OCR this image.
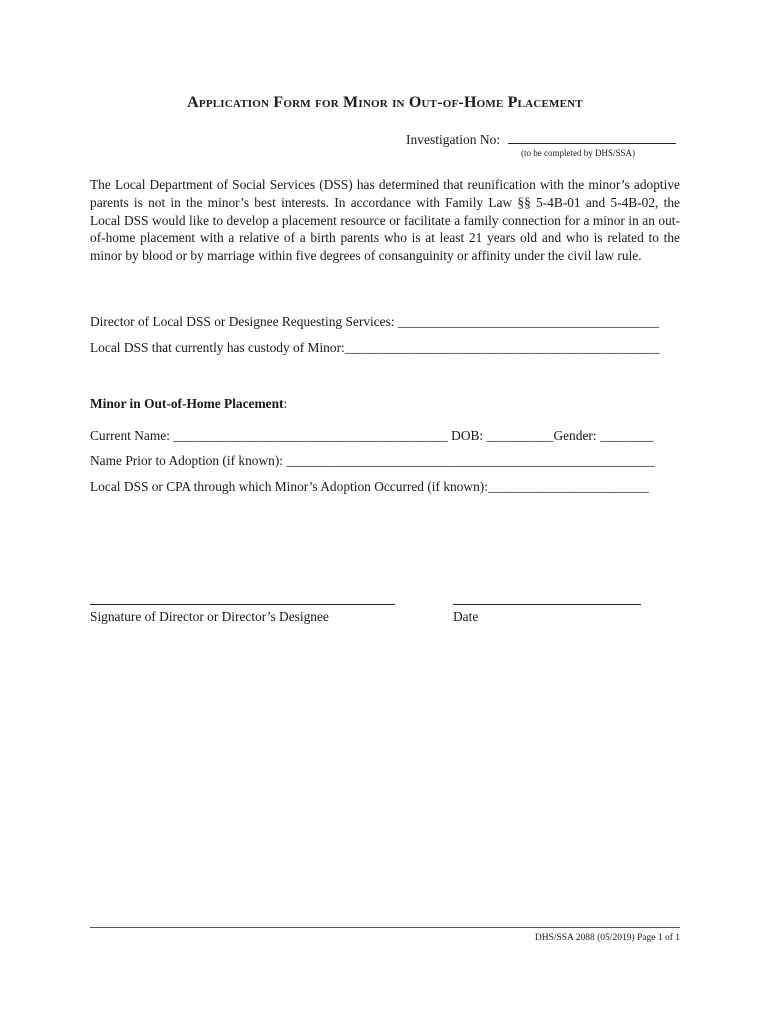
Application Form for Minor in Out-of-Home Placement
Investigation No:
(to be completed by DHS/SSA)
The Local Department of Social Services (DSS) has determined that reunification with the minor’s adoptive parents is not in the minor’s best interests. In accordance with Family Law §§ 5-4B-01 and 5-4B-02, the Local DSS would like to develop a placement resource or facilitate a family connection for a minor in an out-of-home placement with a relative of a birth parents who is at least 21 years old and who is related to the minor by blood or by marriage within five degrees of consanguinity or affinity under the civil law rule.
Director of Local DSS or Designee Requesting Services: _______________________________________
Local DSS that currently has custody of Minor:_______________________________________________
Minor in Out-of-Home Placement:
Current Name: _________________________________________ DOB: __________Gender: ________
Name Prior to Adoption (if known): _______________________________________________________
Local DSS or CPA through which Minor’s Adoption Occurred (if known):________________________
Signature of Director or Director’s Designee	Date
DHS/SSA 2088 (05/2019) Page 1 of 1
